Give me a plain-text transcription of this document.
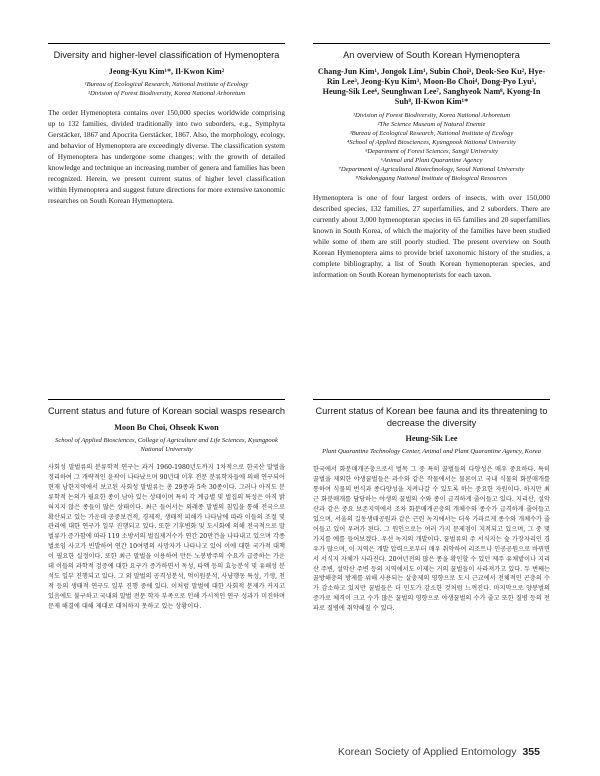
Diversity and higher-level classification of Hymenoptera
Jeong-Kyu Kim¹*, Il-Kwon Kim²
¹Bureau of Ecological Research, National Institute of Ecology
²Division of Forest Biodiversity, Korea National Arboretum

The order Hymenoptera contains over 150,000 species worldwide comprising up to 132 families, divided traditionally into two suborders, e.g., Symphyta Gerstäcker, 1867 and Apocrita Gerstäcker, 1867. Also, the morphology, ecology, and behavior of Hymenoptera are exceedingly diverse. The classification system of Hymenoptera has undergone some changes; with the growth of detailed knowledge and technique an increasing number of genera and families has been recognized. Herein, we present current status of higher level classification within Hymenoptera and suggest future directions for more extensive taxonomic researches on South Korean Hymenoptera.

An overview of South Korean Hymenoptera
Chang-Jun Kim¹, Jongok Lim¹, Subin Choi¹, Deok-Seo Ku², Hye-Rin Lee³, Jeong-Kyu Kim³, Moon-Bo Choi⁴, Dong-Pyo Lyu⁵, Heung-Sik Lee⁶, Seunghwan Lee⁷, Sanghyeok Nam⁸, Kyong-In Suh⁸, Il-Kwon Kim¹*
¹Division of Forest Biodiversity, Korea National Arboretum
²The Science Museum of Natural Enemie
³Bureau of Ecological Research, National Institute of Ecology
⁴School of Applied Biosciences, Kyungpook National University
⁵Department of Forest Sciences, Sangji University
⁶Animal and Plant Quarantine Agency
⁷Department of Agricultural Biotechnology, Seoul National University
⁸Nakdonggang National Institute of Biological Resources

Hymenoptera is one of four largest orders of insects, with over 150,000 described species, 132 families, 27 superfamilies, and 2 suborders. There are currently about 3,000 hymenopteran species in 65 families and 20 superfamilies known in South Korea, of which the majority of the families have been studied while some of them are still poorly studied. The present overview on South Korean Hymenoptera aims to provide brief taxonomic history of the studies, a complete bibliography, a list of South Korean hymenopteran species, and information on South Korean hymenopterists for each taxon.

Current status and future of Korean social wasps research
Moon Bo Choi, Ohseok Kwon
School of Applied Biosciences, College of Agriculture and Life Sciences, Kyungpook National University

사회성 말벌류의 분류학적 연구는 과거 1960-1980년도까지 1차적으로 한국산 말벌을 정리하여 그 개략적인 윤곽이 나타났으며 90년대 이후 전문 분류학자들에 의해 연구되어 현재 남한지역에서 보고된 사회성 말벌류는 총 29종과 5속 30종이다. 그러나 아직도 분류학적 논의가 필요한 종이 남아 있는 상태이며 특히 각 계급별 및 벌집의 특성은 아직 밝혀지지 않은 종들이 많은 상태이다. 최근 들어서는 외래종 말벌의 침입을 통해 전국으로 확산되고 있는 가운데 공중보건적, 경제적, 생태적 피해가 나타남에 따라 이들의 조절 및 관리에 대한 연구가 일부 진행되고 있다. 또한 기후변화 및 도시화에 의해 전국적으로 말벌류가 증가함에 따라 119 소방서의 벌집제거수가 연간 20만건을 나타내고 있으며 각종 벌쏘임 사고가 빈발하여 연간 10여명의 사망자가 나타나고 있어 이에 대한 국가적 대책이 필요한 실정이다. 또한 최근 말벌을 이용하여 만든 노봉방주의 수요가 급증하는 가운데 이들의 과학적 검증에 대한 요구가 증가하면서 독성, 타액 등의 효능분석 및 유해성 분석도 일부 진행되고 있다. 그 외 말벌의 공격성분석, 먹이원분석, 사냥행동 특성, 기생, 천적 등의 생태적 연구도 일부 진행 중에 있다. 이처럼 말벌에 대한 사회적 문제가 커지고 있음에도 불구하고 국내외 말벌 전문 학자 부족으로 인해 가시적인 연구 성과가 미진하며 문제 해결에 대해 제대로 대처하지 못하고 있는 상황이다.

Current status of Korean bee fauna and its threatening to decrease the diversity
Heung-Sik Lee
Plant Quarantine Technology Center, Animal and Plant Quarantine Agency, Korea

한국에서 화분매개곤충으로서 벌목 그 중 특히 꿀벌들의 다양성은 매우 중요하다. 특히 꿀벌을 제외한 야생꿀벌들은 과수와 같은 작물에서는 물론이고 국내 식물의 화분매개를 통하여 식물의 번식과 종다양성을 지켜나갈 수 있도록 하는 중요한 자원이다. 하지만 최근 화분매개를 담당하는 야생의 꿀벌의 수와 종이 급격하게 줄어들고 있다. 지리산, 설악산과 같은 중요 보존지역에서 조차 화분매개곤충의 개체수와 종수가 급격하게 줄어들고 있으며, 서울의 길동생태공원과 같은 근린 녹지에서는 더욱 가파르게 종수와 개체수가 줄어들고 있어 우려가 된다. 그 원인으로는 여러 가지 문제점이 지적되고 있으며, 그 중 몇가지를 예를 들어보겠다. 우선 녹지의 개발이다. 꿀벌류의 주 서식지는 숲 가장자리인 경우가 많으며, 이 지역은 개발 압력으로부터 매우 취약하여 리조트나 인공공원으로 바뀌면서 서식지 자체가 사라진다. 20여년전의 많은 종을 확인할 수 있던 제주 유채밭이나 지리산 주변, 설악산 주변 등의 지역에서도 이제는 거의 꿀벌들이 사라져가고 있다. 두 번째는 꿀방해충의 방제를 위해 사용되는 살충제의 영향으로 도시 근교에서 전체적인 곤충의 수가 감소하고 있지만 꿀벌들은 더 민도가 감소한 것처럼 느껴진다. 마지막으로 양봉벌의 증가로 체격이 크고 수가 많은 꿀벌의 영향으로 야생꿀벌의 수가 줄고 또한 질병 등의 전파로 질병에 취약해질 수 있다.

Korean Society of Applied Entomology 355
